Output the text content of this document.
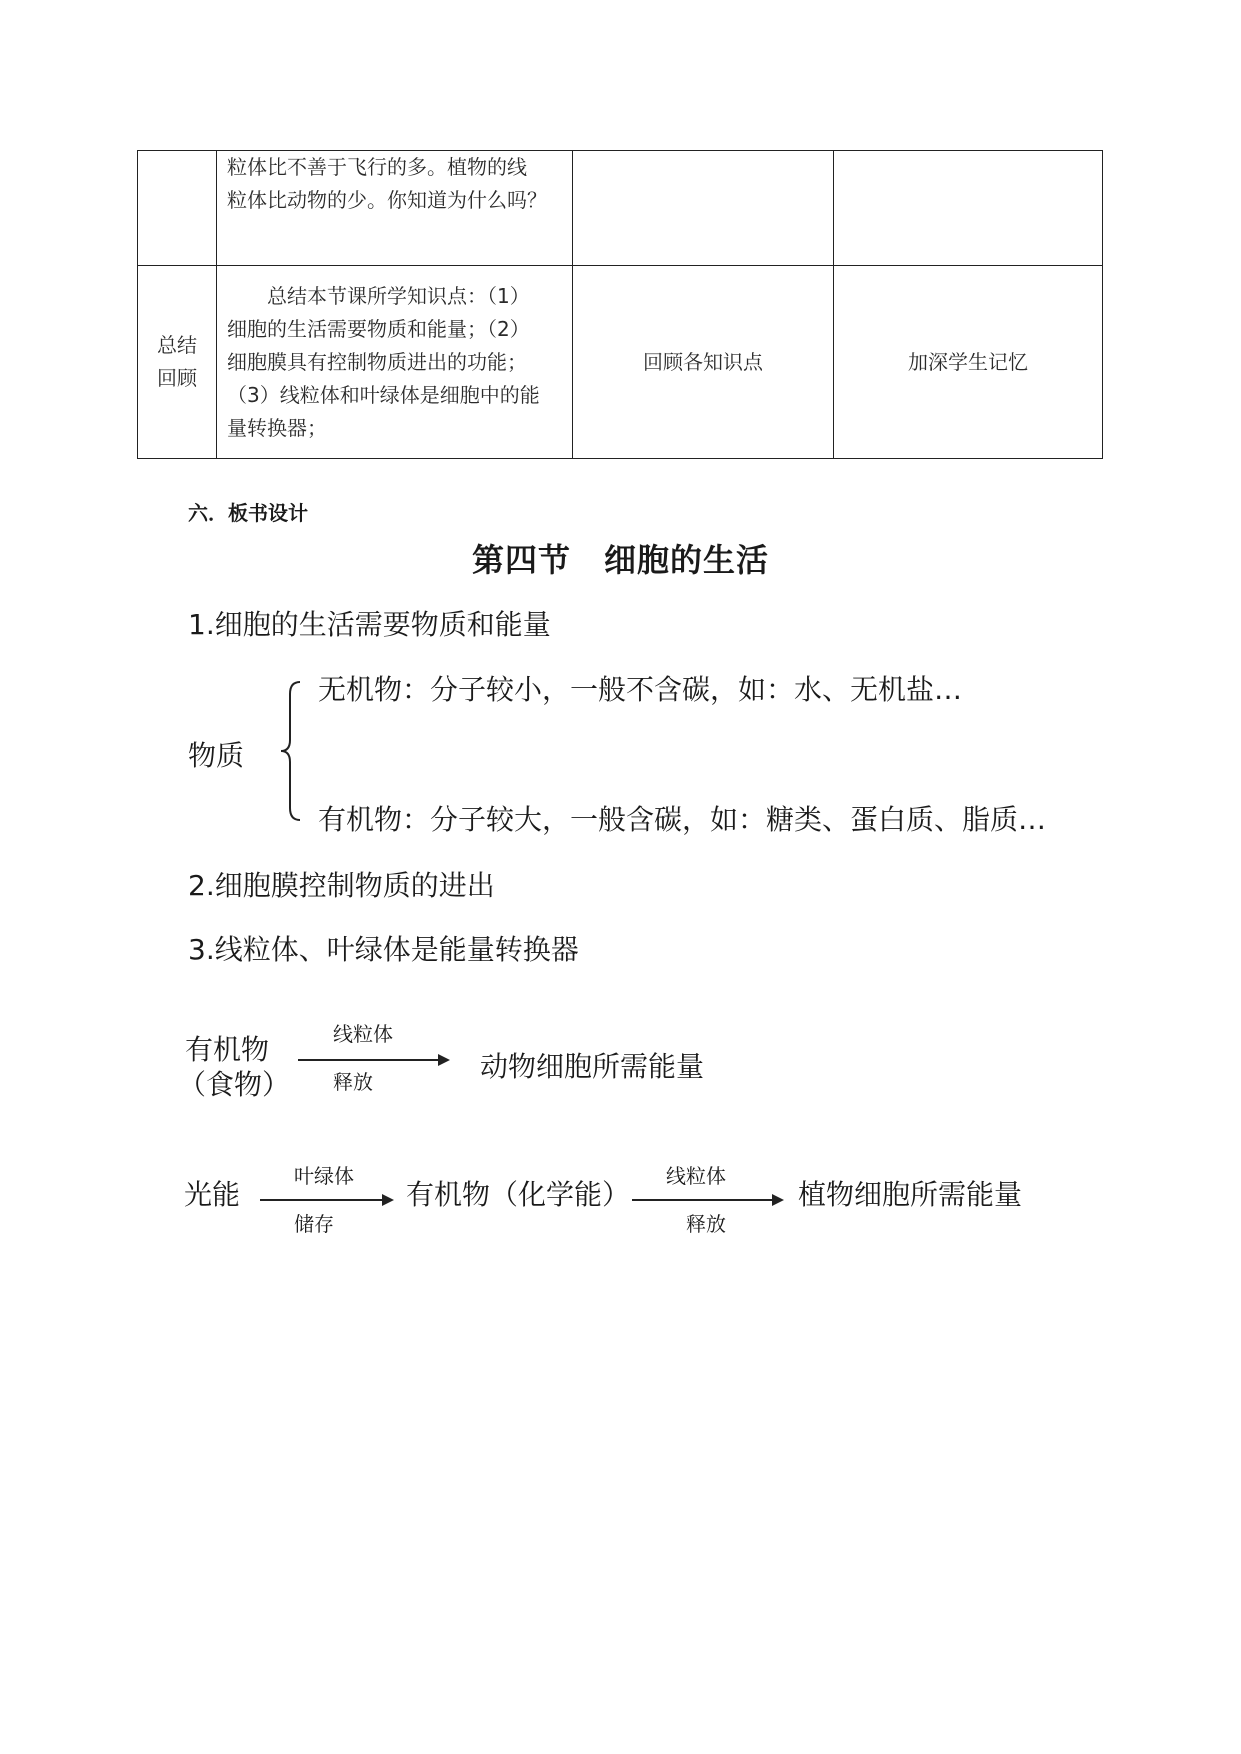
	粒体比不善于飞行的多。植物的线
粒体比动物的少。你知道为什么吗？		

总结
回顾	　　总结本节课所学知识点：（1）
细胞的生活需要物质和能量；（2）
细胞膜具有控制物质进出的功能；
（3）线粒体和叶绿体是细胞中的能
量转换器；	回顾各知识点	加深学生记忆
六．板书设计
第四节　细胞的生活
1.细胞的生活需要物质和能量
物质
无机物：分子较小，一般不含碳，如：水、无机盐…
有机物：分子较大，一般含碳，如：糖类、蛋白质、脂质…
2.细胞膜控制物质的进出
3.线粒体、叶绿体是能量转换器
有机物
（食物）
线粒体
释放	动物细胞所需能量
光能
叶绿体
储存
有机物（化学能）
线粒体
释放
植物细胞所需能量
